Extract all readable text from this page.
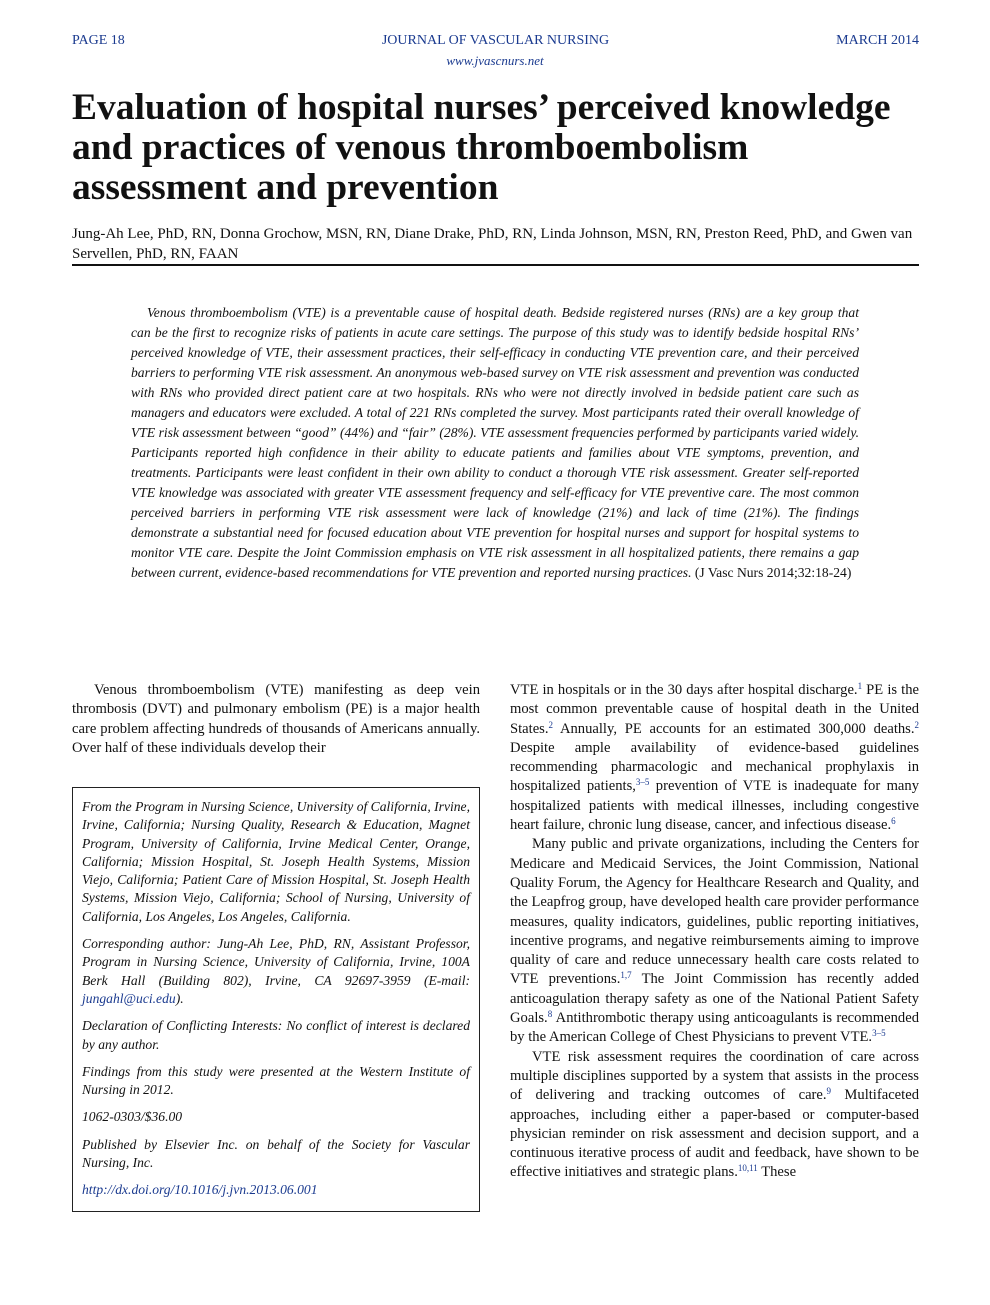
PAGE 18	JOURNAL OF VASCULAR NURSING	MARCH 2014
www.jvascnurs.net
Evaluation of hospital nurses’ perceived knowledge and practices of venous thromboembolism assessment and prevention
Jung-Ah Lee, PhD, RN, Donna Grochow, MSN, RN, Diane Drake, PhD, RN, Linda Johnson, MSN, RN, Preston Reed, PhD, and Gwen van Servellen, PhD, RN, FAAN

Venous thromboembolism (VTE) is a preventable cause of hospital death. Bedside registered nurses (RNs) are a key group that can be the first to recognize risks of patients in acute care settings. The purpose of this study was to identify bedside hospital RNs’ perceived knowledge of VTE, their assessment practices, their self-efficacy in conducting VTE prevention care, and their perceived barriers to performing VTE risk assessment. An anonymous web-based survey on VTE risk assessment and prevention was conducted with RNs who provided direct patient care at two hospitals. RNs who were not directly involved in bedside patient care such as managers and educators were excluded. A total of 221 RNs completed the survey. Most participants rated their overall knowledge of VTE risk assessment between “good” (44%) and “fair” (28%). VTE assessment frequencies performed by participants varied widely. Participants reported high confidence in their ability to educate patients and families about VTE symptoms, prevention, and treatments. Participants were least confident in their own ability to conduct a thorough VTE risk assessment. Greater self-reported VTE knowledge was associated with greater VTE assessment frequency and self-efficacy for VTE preventive care. The most common perceived barriers in performing VTE risk assessment were lack of knowledge (21%) and lack of time (21%). The findings demonstrate a substantial need for focused education about VTE prevention for hospital nurses and support for hospital systems to monitor VTE care. Despite the Joint Commission emphasis on VTE risk assessment in all hospitalized patients, there remains a gap between current, evidence-based recommendations for VTE prevention and reported nursing practices. (J Vasc Nurs 2014;32:18-24)

Venous thromboembolism (VTE) manifesting as deep vein thrombosis (DVT) and pulmonary embolism (PE) is a major health care problem affecting hundreds of thousands of Americans annually. Over half of these individuals develop their

From the Program in Nursing Science, University of California, Irvine, Irvine, California; Nursing Quality, Research & Education, Magnet Program, University of California, Irvine Medical Center, Orange, California; Mission Hospital, St. Joseph Health Systems, Mission Viejo, California; Patient Care of Mission Hospital, St. Joseph Health Systems, Mission Viejo, California; School of Nursing, University of California, Los Angeles, Los Angeles, California.

Corresponding author: Jung-Ah Lee, PhD, RN, Assistant Professor, Program in Nursing Science, University of California, Irvine, 100A Berk Hall (Building 802), Irvine, CA 92697-3959 (E-mail: jungahl@uci.edu).

Declaration of Conflicting Interests: No conflict of interest is declared by any author.

Findings from this study were presented at the Western Institute of Nursing in 2012.

1062-0303/$36.00

Published by Elsevier Inc. on behalf of the Society for Vascular Nursing, Inc.

http://dx.doi.org/10.1016/j.jvn.2013.06.001

VTE in hospitals or in the 30 days after hospital discharge.$^1$ PE is the most common preventable cause of hospital death in the United States.$^2$ Annually, PE accounts for an estimated 300,000 deaths.$^2$ Despite ample availability of evidence-based guidelines recommending pharmacologic and mechanical prophylaxis in hospitalized patients,$^{3-5}$ prevention of VTE is inadequate for many hospitalized patients with medical illnesses, including congestive heart failure, chronic lung disease, cancer, and infectious disease.$^6$

Many public and private organizations, including the Centers for Medicare and Medicaid Services, the Joint Commission, National Quality Forum, the Agency for Healthcare Research and Quality, and the Leapfrog group, have developed health care provider performance measures, quality indicators, guidelines, public reporting initiatives, incentive programs, and negative reimbursements aiming to improve quality of care and reduce unnecessary health care costs related to VTE preventions.$^{1,7}$ The Joint Commission has recently added anticoagulation therapy safety as one of the National Patient Safety Goals.$^8$ Antithrombotic therapy using anticoagulants is recommended by the American College of Chest Physicians to prevent VTE.$^{3-5}$

VTE risk assessment requires the coordination of care across multiple disciplines supported by a system that assists in the process of delivering and tracking outcomes of care.$^9$ Multifaceted approaches, including either a paper-based or computer-based physician reminder on risk assessment and decision support, and a continuous iterative process of audit and feedback, have shown to be effective initiatives and strategic plans.$^{10,11}$ These
